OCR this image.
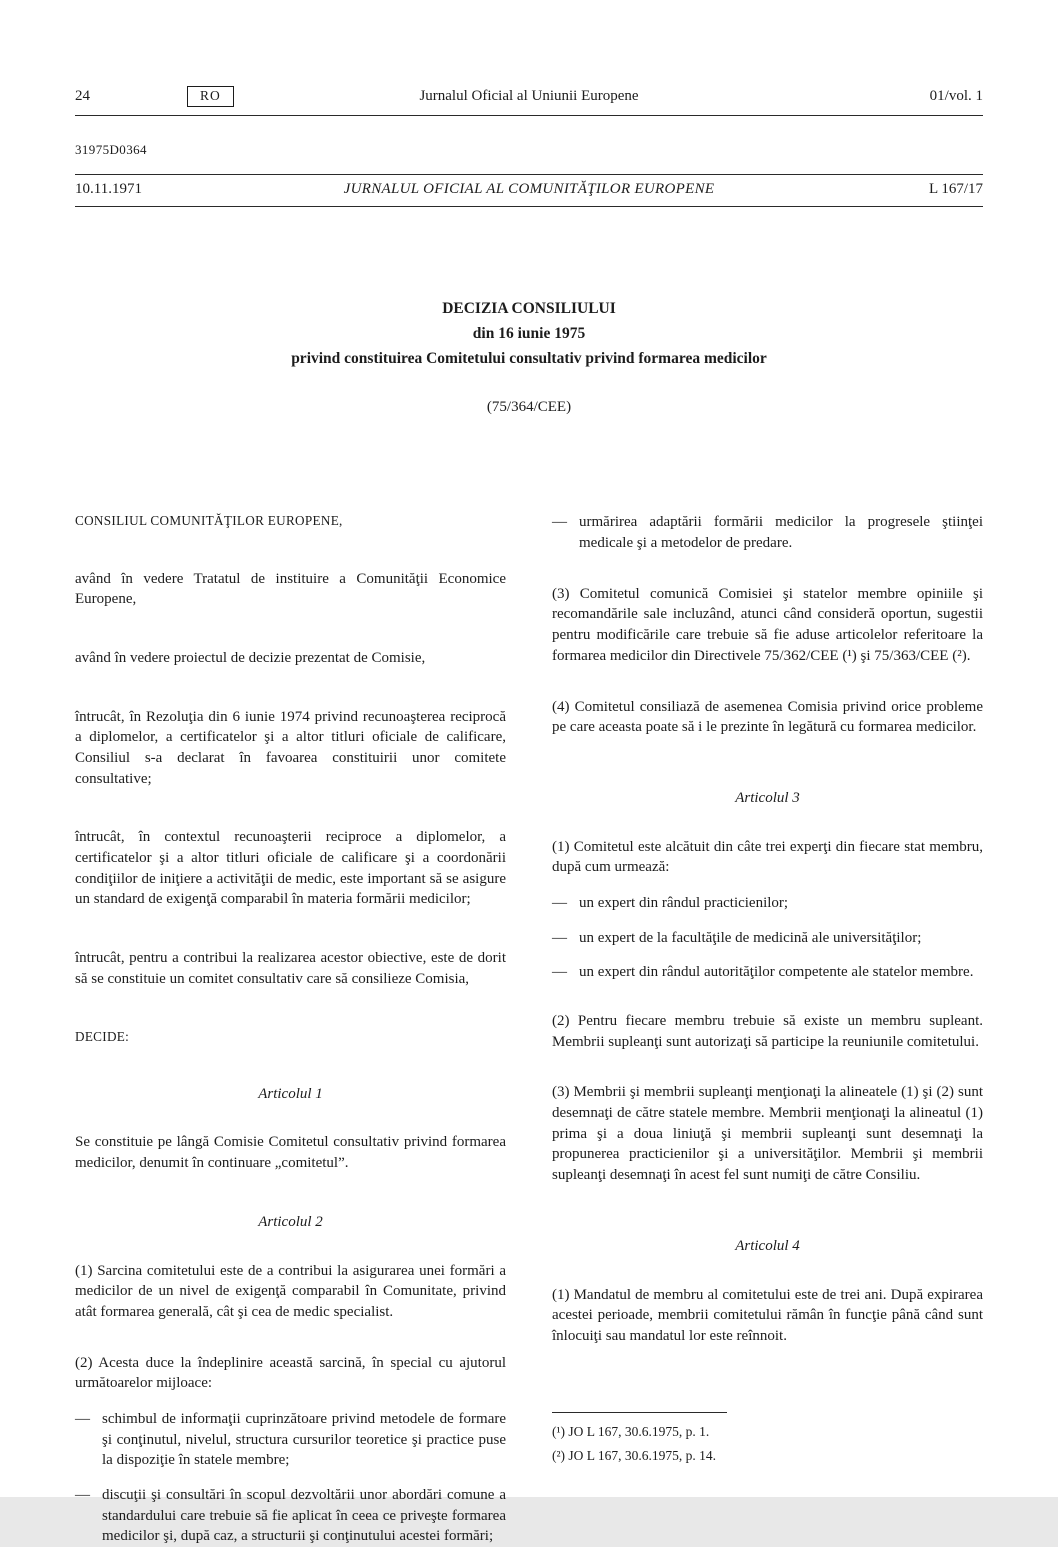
24	RO	Jurnalul Oficial al Uniunii Europene	01/vol. 1
31975D0364
10.11.1971	JURNALUL OFICIAL AL COMUNITĂŢILOR EUROPENE	L 167/17
DECIZIA CONSILIULUI
din 16 iunie 1975
privind constituirea Comitetului consultativ privind formarea medicilor
(75/364/CEE)

CONSILIUL COMUNITĂŢILOR EUROPENE,

având în vedere Tratatul de instituire a Comunităţii Economice Europene,

având în vedere proiectul de decizie prezentat de Comisie,

întrucât, în Rezoluţia din 6 iunie 1974 privind recunoaşterea reciprocă a diplomelor, a certificatelor şi a altor titluri oficiale de calificare, Consiliul s-a declarat în favoarea constituirii unor comitete consultative;

întrucât, în contextul recunoaşterii reciproce a diplomelor, a certificatelor şi a altor titluri oficiale de calificare şi a coordonării condiţiilor de iniţiere a activităţii de medic, este important să se asigure un standard de exigenţă comparabil în materia formării medicilor;

întrucât, pentru a contribui la realizarea acestor obiective, este de dorit să se constituie un comitet consultativ care să consilieze Comisia,

DECIDE:

Articolul 1

Se constituie pe lângă Comisie Comitetul consultativ privind formarea medicilor, denumit în continuare „comitetul”.

Articolul 2

(1) Sarcina comitetului este de a contribui la asigurarea unei formări a medicilor de un nivel de exigenţă comparabil în Comunitate, privind atât formarea generală, cât şi cea de medic specialist.

(2) Acesta duce la îndeplinire această sarcină, în special cu ajutorul următoarelor mijloace:

— schimbul de informaţii cuprinzătoare privind metodele de formare şi conţinutul, nivelul, structura cursurilor teoretice şi practice puse la dispoziţie în statele membre;
— discuţii şi consultări în scopul dezvoltării unor abordări comune a standardului care trebuie să fie aplicat în ceea ce priveşte formarea medicilor şi, după caz, a structurii şi conţinutului acestei formări;
— urmărirea adaptării formării medicilor la progresele ştiinţei medicale şi a metodelor de predare.

(3) Comitetul comunică Comisiei şi statelor membre opiniile şi recomandările sale incluzând, atunci când consideră oportun, sugestii pentru modificările care trebuie să fie aduse articolelor referitoare la formarea medicilor din Directivele 75/362/CEE (¹) şi 75/363/CEE (²).

(4) Comitetul consiliază de asemenea Comisia privind orice probleme pe care aceasta poate să i le prezinte în legătură cu formarea medicilor.

Articolul 3

(1) Comitetul este alcătuit din câte trei experţi din fiecare stat membru, după cum urmează:

— un expert din rândul practicienilor;
— un expert de la facultăţile de medicină ale universităţilor;
— un expert din rândul autorităţilor competente ale statelor membre.

(2) Pentru fiecare membru trebuie să existe un membru supleant. Membrii supleanţi sunt autorizaţi să participe la reuniunile comitetului.

(3) Membrii şi membrii supleanţi menţionaţi la alineatele (1) şi (2) sunt desemnaţi de către statele membre. Membrii menţionaţi la alineatul (1) prima şi a doua liniuţă şi membrii supleanţi sunt desemnaţi la propunerea practicienilor şi a universităţilor. Membrii şi membrii supleanţi desemnaţi în acest fel sunt numiţi de către Consiliu.

Articolul 4

(1) Mandatul de membru al comitetului este de trei ani. După expirarea acestei perioade, membrii comitetului rămân în funcţie până când sunt înlocuiţi sau mandatul lor este reînnoit.

(¹) JO L 167, 30.6.1975, p. 1.

(²) JO L 167, 30.6.1975, p. 14.
